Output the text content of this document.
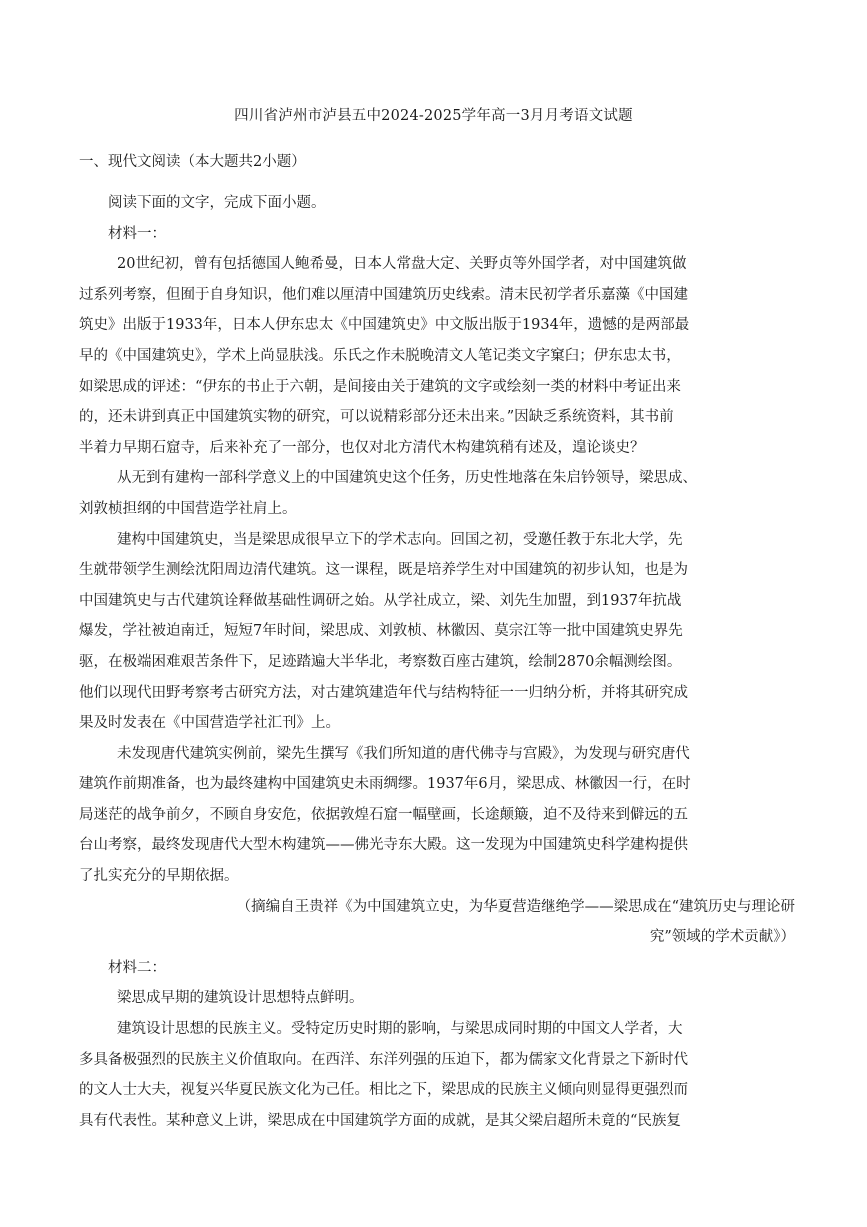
四川省泸州市泸县五中2024-2025学年高一3月月考语文试题
一、现代文阅读（本大题共2小题）

阅读下面的文字，完成下面小题。

材料一：

20世纪初，曾有包括德国人鲍希曼，日本人常盘大定、关野贞等外国学者，对中国建筑做
过系列考察，但囿于自身知识，他们难以厘清中国建筑历史线索。清末民初学者乐嘉藻《中国建
筑史》出版于1933年，日本人伊东忠太《中国建筑史》中文版出版于1934年，遗憾的是两部最
早的《中国建筑史》，学术上尚显肤浅。乐氏之作未脱晚清文人笔记类文字窠臼；伊东忠太书，
如梁思成的评述：“伊东的书止于六朝，是间接由关于建筑的文字或绘刻一类的材料中考证出来
的，还未讲到真正中国建筑实物的研究，可以说精彩部分还未出来。”因缺乏系统资料，其书前
半着力早期石窟寺，后来补充了一部分，也仅对北方清代木构建筑稍有述及，遑论谈史？

从无到有建构一部科学意义上的中国建筑史这个任务，历史性地落在朱启钤领导，梁思成、
刘敦桢担纲的中国营造学社肩上。

建构中国建筑史，当是梁思成很早立下的学术志向。回国之初，受邀任教于东北大学，先
生就带领学生测绘沈阳周边清代建筑。这一课程，既是培养学生对中国建筑的初步认知，也是为
中国建筑史与古代建筑诠释做基础性调研之始。从学社成立，梁、刘先生加盟，到1937年抗战
爆发，学社被迫南迁，短短7年时间，梁思成、刘敦桢、林徽因、莫宗江等一批中国建筑史界先
驱，在极端困难艰苦条件下，足迹踏遍大半华北，考察数百座古建筑，绘制2870余幅测绘图。
他们以现代田野考察考古研究方法，对古建筑建造年代与结构特征一一归纳分析，并将其研究成
果及时发表在《中国营造学社汇刊》上。

未发现唐代建筑实例前，梁先生撰写《我们所知道的唐代佛寺与宫殿》，为发现与研究唐代
建筑作前期准备，也为最终建构中国建筑史未雨绸缪。1937年6月，梁思成、林徽因一行，在时
局迷茫的战争前夕，不顾自身安危，依据敦煌石窟一幅壁画，长途颠簸，迫不及待来到僻远的五
台山考察，最终发现唐代大型木构建筑——佛光寺东大殿。这一发现为中国建筑史科学建构提供
了扎实充分的早期依据。

（摘编自王贵祥《为中国建筑立史，为华夏营造继绝学——梁思成在“建筑历史与理论研
究”领域的学术贡献》）

材料二：

梁思成早期的建筑设计思想特点鲜明。

建筑设计思想的民族主义。受特定历史时期的影响，与梁思成同时期的中国文人学者，大
多具备极强烈的民族主义价值取向。在西洋、东洋列强的压迫下，都为儒家文化背景之下新时代
的文人士大夫，视复兴华夏民族文化为己任。相比之下，梁思成的民族主义倾向则显得更强烈而
具有代表性。某种意义上讲，梁思成在中国建筑学方面的成就，是其父梁启超所未竟的“民族复
